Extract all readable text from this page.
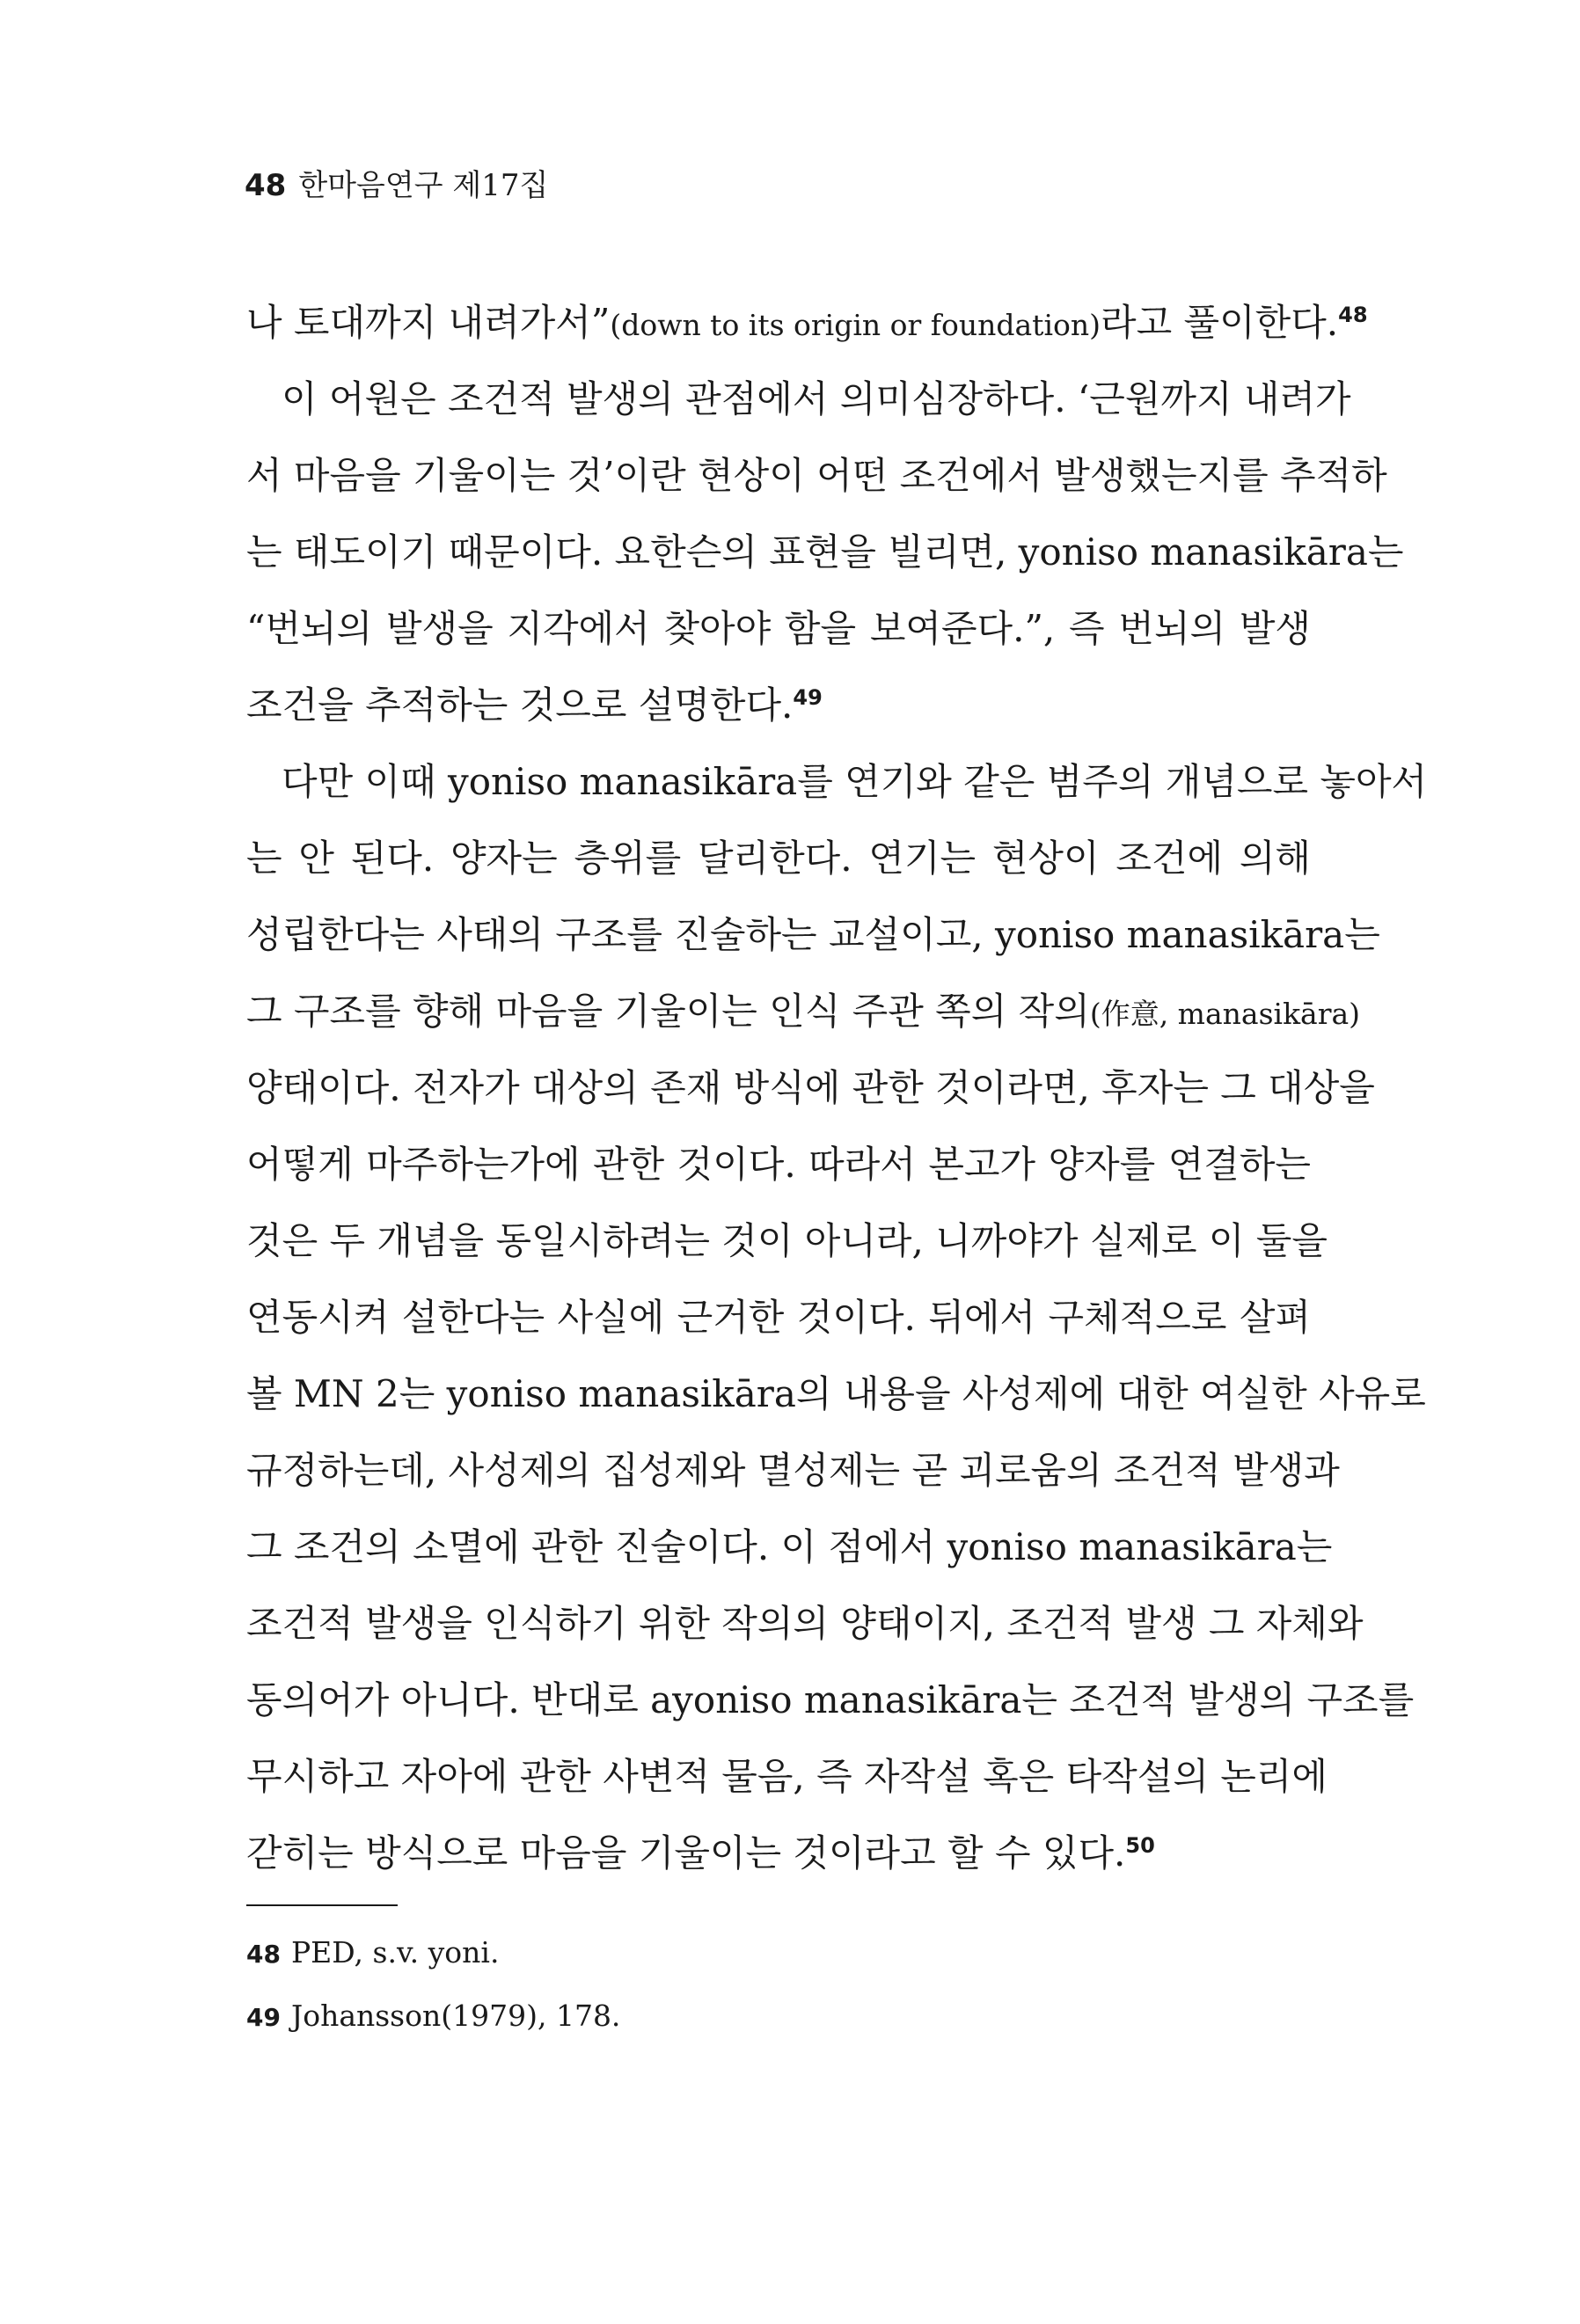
48 한마음연구 제17집
나 토대까지 내려가서”(down to its origin or foundation)라고 풀이한다.$^{48}$
이 어원은 조건적 발생의 관점에서 의미심장하다. ‘근원까지 내려가
서 마음을 기울이는 것’이란 현상이 어떤 조건에서 발생했는지를 추적하
는 태도이기 때문이다. 요한슨의 표현을 빌리면, yoniso manasikāra는
“번뇌의 발생을 지각에서 찾아야 함을 보여준다.”, 즉 번뇌의 발생
조건을 추적하는 것으로 설명한다.$^{49}$
다만 이때 yoniso manasikāra를 연기와 같은 범주의 개념으로 놓아서
는 안 된다. 양자는 층위를 달리한다. 연기는 현상이 조건에 의해
성립한다는 사태의 구조를 진술하는 교설이고, yoniso manasikāra는
그 구조를 향해 마음을 기울이는 인식 주관 쪽의 작의(作意, manasikāra)
양태이다. 전자가 대상의 존재 방식에 관한 것이라면, 후자는 그 대상을
어떻게 마주하는가에 관한 것이다. 따라서 본고가 양자를 연결하는
것은 두 개념을 동일시하려는 것이 아니라, 니까야가 실제로 이 둘을
연동시켜 설한다는 사실에 근거한 것이다. 뒤에서 구체적으로 살펴
볼 MN 2는 yoniso manasikāra의 내용을 사성제에 대한 여실한 사유로
규정하는데, 사성제의 집성제와 멸성제는 곧 괴로움의 조건적 발생과
그 조건의 소멸에 관한 진술이다. 이 점에서 yoniso manasikāra는
조건적 발생을 인식하기 위한 작의의 양태이지, 조건적 발생 그 자체와
동의어가 아니다. 반대로 ayoniso manasikāra는 조건적 발생의 구조를
무시하고 자아에 관한 사변적 물음, 즉 자작설 혹은 타작설의 논리에
갇히는 방식으로 마음을 기울이는 것이라고 할 수 있다.$^{50}$
48 PED, s.v. yoni.
49 Johansson(1979), 178.
